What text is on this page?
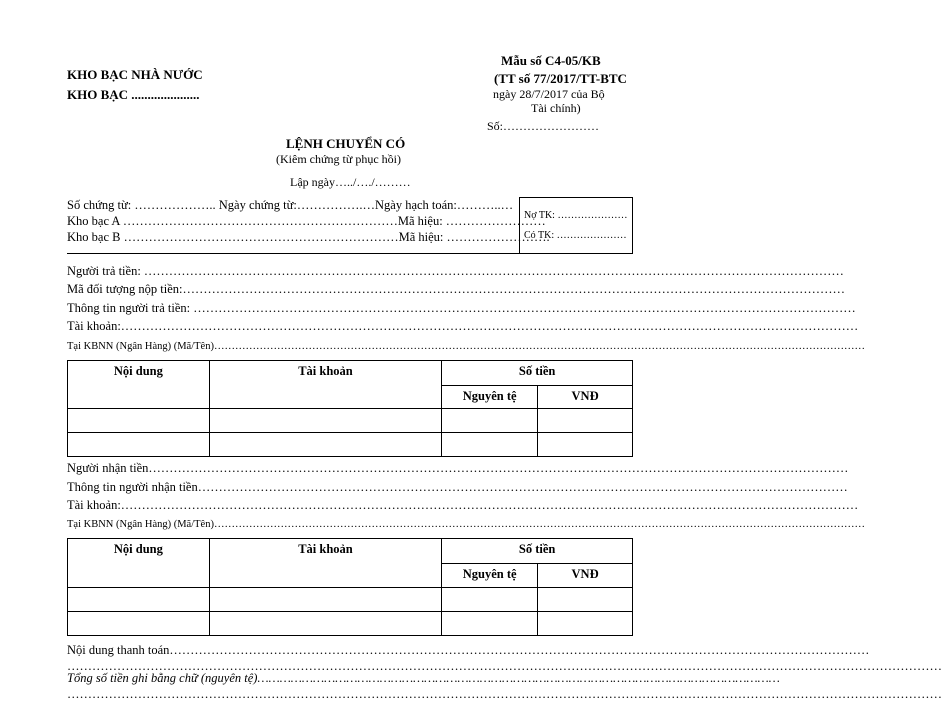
KHO BẠC NHÀ NƯỚC
KHO BẠC .....................
Mẫu số C4-05/KB
(TT số 77/2017/TT-BTC
ngày 28/7/2017 của Bộ
Tài chính)
Số:……………………
LỆNH CHUYỂN CÓ
(Kiêm chứng từ phục hồi)
Lập ngày…../…./………
Số chứng từ: ……………….. Ngày chứng từ:…………….…Ngày hạch toán:………..…
Kho bạc A …………………………………………………………Mã hiệu: ……………………
Kho bạc B …………………………………………………………Mã hiệu: …………………….
Nợ TK: …………………
Có TK: …………………
Người trả tiền: ……………………………………………………………………………………………………………………………………………………
Mã đối tượng nộp tiền:……………………………………………………………………………………………………………………………………………
Thông tin người trả tiền: ……………………………………………………………………………………………………………………………………………
Tài khoản:……………………………………………………………………………………………………………………………………………………………
Tại KBNN (Ngân Hàng) (Mã/Tên)……………………………………………………………………………………………………………………………………………………………………
Nội dung	Tài khoản	Số tiền	
		Nguyên tệ	VNĐ

Người nhận tiền……………………………………………………………………………………………………………………………………………………
Thông tin người nhận tiền…………………………………………………………………………………………………………………………………………
Tài khoản:……………………………………………………………………………………………………………………………………………………………
Tại KBNN (Ngân Hàng) (Mã/Tên)……………………………………………………………………………………………………………………………………………………………………
Nội dung	Tài khoản	Số tiền	
		Nguyên tệ	VNĐ

Nội dung thanh toán……………………………………………………………………………………………………………………………………………………
…………………………………………………………………………………………………………………………………………………………………………………………
Tổng số tiền ghi bằng chữ (nguyên tệ)……………………………………………………………………………………………………………………………
…………………………………………………………………………………………………………………………………………………………………………………………
